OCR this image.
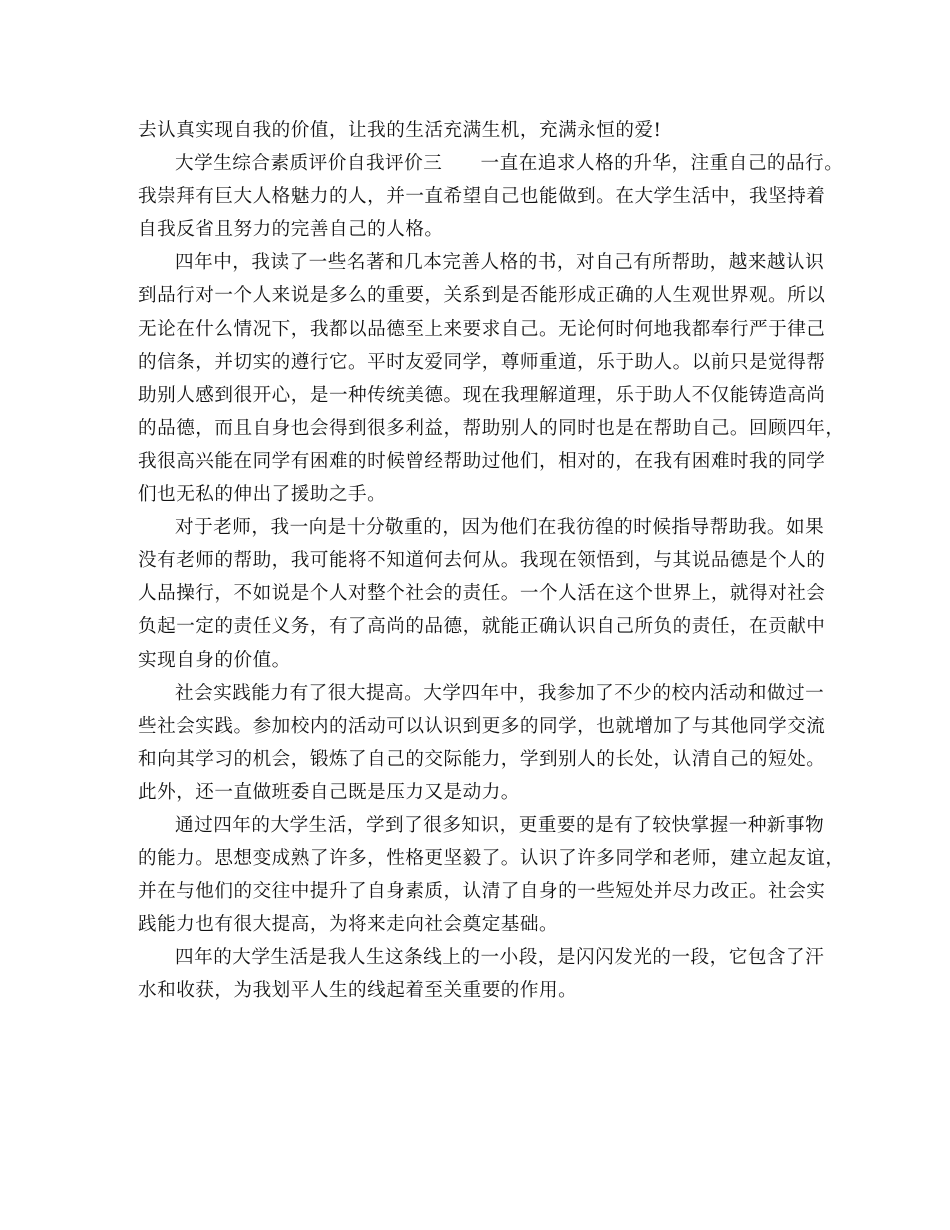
去认真实现自我的价值，让我的生活充满生机，充满永恒的爱!
大学生综合素质评价自我评价三　　一直在追求人格的升华，注重自己的品行。
我崇拜有巨大人格魅力的人，并一直希望自己也能做到。在大学生活中，我坚持着
自我反省且努力的完善自己的人格。
四年中，我读了一些名著和几本完善人格的书，对自己有所帮助，越来越认识
到品行对一个人来说是多么的重要，关系到是否能形成正确的人生观世界观。所以
无论在什么情况下，我都以品德至上来要求自己。无论何时何地我都奉行严于律己
的信条，并切实的遵行它。平时友爱同学，尊师重道，乐于助人。以前只是觉得帮
助别人感到很开心，是一种传统美德。现在我理解道理，乐于助人不仅能铸造高尚
的品德，而且自身也会得到很多利益，帮助别人的同时也是在帮助自己。回顾四年，
我很高兴能在同学有困难的时候曾经帮助过他们，相对的，在我有困难时我的同学
们也无私的伸出了援助之手。
对于老师，我一向是十分敬重的，因为他们在我彷徨的时候指导帮助我。如果
没有老师的帮助，我可能将不知道何去何从。我现在领悟到，与其说品德是个人的
人品操行，不如说是个人对整个社会的责任。一个人活在这个世界上，就得对社会
负起一定的责任义务，有了高尚的品德，就能正确认识自己所负的责任，在贡献中
实现自身的价值。
社会实践能力有了很大提高。大学四年中，我参加了不少的校内活动和做过一
些社会实践。参加校内的活动可以认识到更多的同学，也就增加了与其他同学交流
和向其学习的机会，锻炼了自己的交际能力，学到别人的长处，认清自己的短处。
此外，还一直做班委自己既是压力又是动力。
通过四年的大学生活，学到了很多知识，更重要的是有了较快掌握一种新事物
的能力。思想变成熟了许多，性格更坚毅了。认识了许多同学和老师，建立起友谊，
并在与他们的交往中提升了自身素质，认清了自身的一些短处并尽力改正。社会实
践能力也有很大提高，为将来走向社会奠定基础。
四年的大学生活是我人生这条线上的一小段，是闪闪发光的一段，它包含了汗
水和收获，为我划平人生的线起着至关重要的作用。
